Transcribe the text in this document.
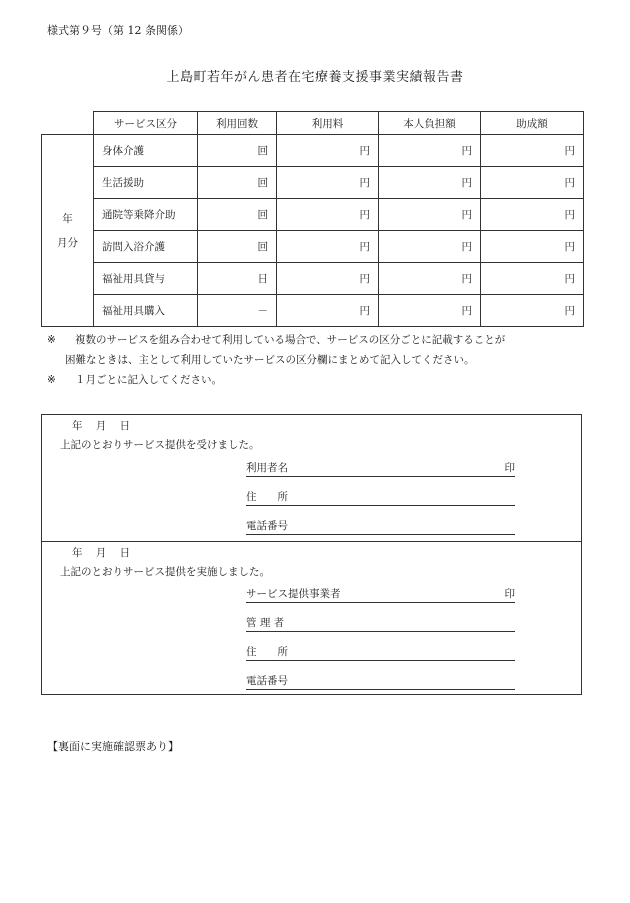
様式第９号（第 12 条関係）
上島町若年がん患者在宅療養支援事業実績報告書
	サービス区分	利用回数	利用料	本人負担額	助成額

年
月分	身体介護	回	円	円	円
	生活援助	回	円	円	円
	通院等乗降介助	回	円	円	円
	訪問入浴介護	回	円	円	円
	福祉用具貸与	日	円	円	円
	福祉用具購入	－	円	円	円
※ 複数のサービスを組み合わせて利用している場合で、サービスの区分ごとに記載することが
困難なときは、主として利用していたサービスの区分欄にまとめて記入してください。
※ １月ごとに記入してください。
年 月 日
上記のとおりサービス提供を受けました。
利用者名	印
住　　所
電話番号
年 月 日
上記のとおりサービス提供を実施しました。
サービス提供事業者	印
管 理 者
住　　所
電話番号
【裏面に実施確認票あり】
